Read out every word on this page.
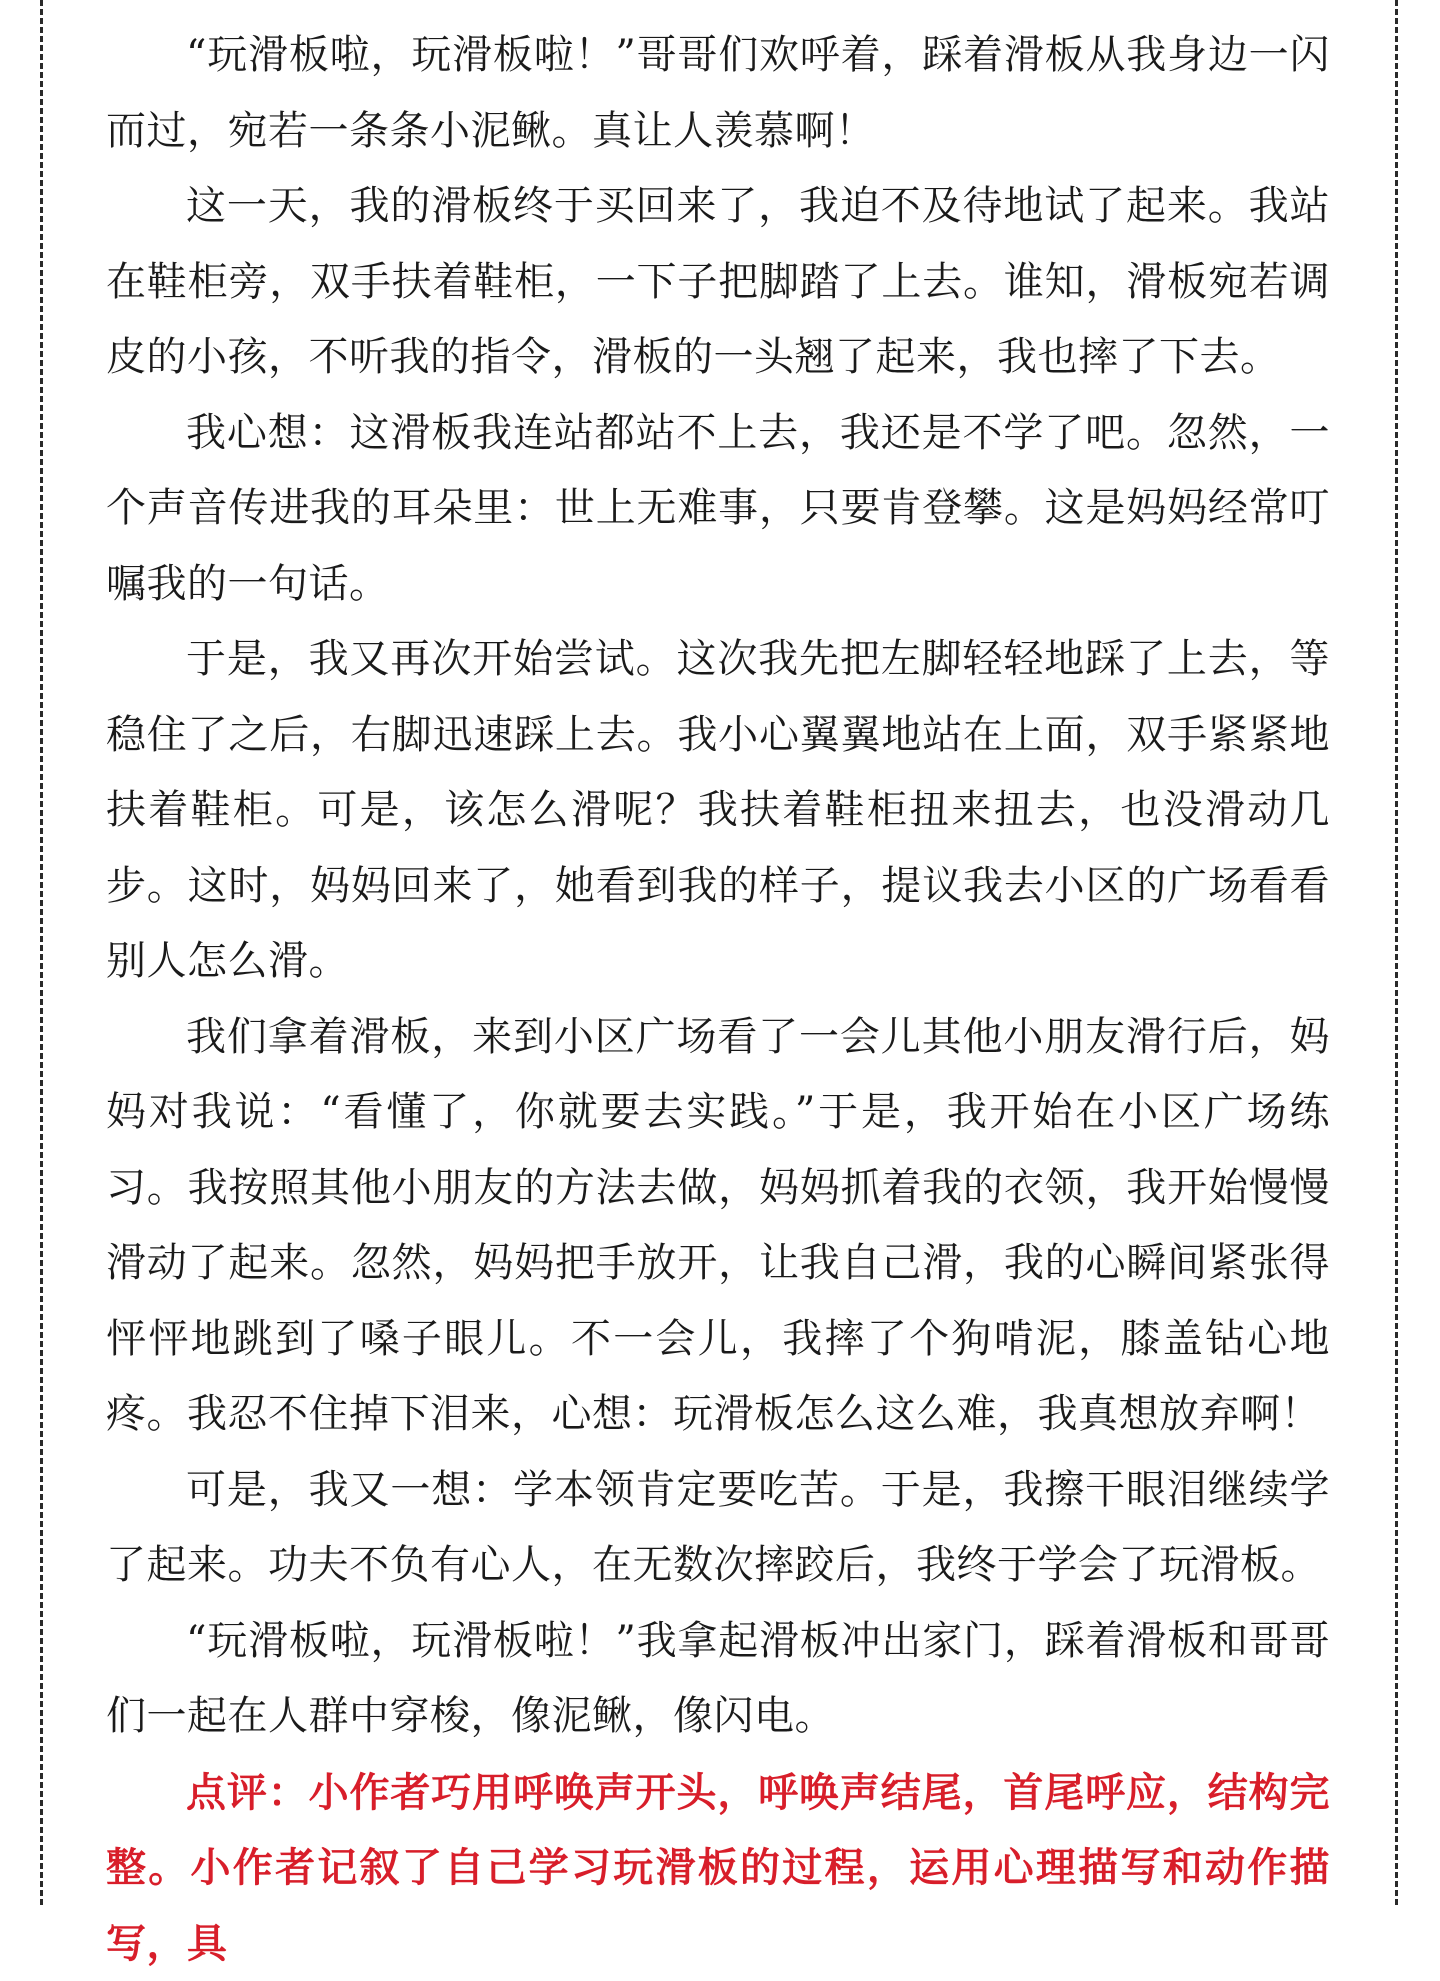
“玩滑板啦，玩滑板啦！”哥哥们欢呼着，踩着滑板从我身边一闪而过，宛若一条条小泥鳅。真让人羡慕啊！

这一天，我的滑板终于买回来了，我迫不及待地试了起来。我站在鞋柜旁，双手扶着鞋柜，一下子把脚踏了上去。谁知，滑板宛若调皮的小孩，不听我的指令，滑板的一头翘了起来，我也摔了下去。

我心想：这滑板我连站都站不上去，我还是不学了吧。忽然，一个声音传进我的耳朵里：世上无难事，只要肯登攀。这是妈妈经常叮嘱我的一句话。

于是，我又再次开始尝试。这次我先把左脚轻轻地踩了上去，等稳住了之后，右脚迅速踩上去。我小心翼翼地站在上面，双手紧紧地扶着鞋柜。可是，该怎么滑呢？我扶着鞋柜扭来扭去，也没滑动几步。这时，妈妈回来了，她看到我的样子，提议我去小区的广场看看别人怎么滑。

我们拿着滑板，来到小区广场看了一会儿其他小朋友滑行后，妈妈对我说：“看懂了，你就要去实践。”于是，我开始在小区广场练习。我按照其他小朋友的方法去做，妈妈抓着我的衣领，我开始慢慢滑动了起来。忽然，妈妈把手放开，让我自己滑，我的心瞬间紧张得怦怦地跳到了嗓子眼儿。不一会儿，我摔了个狗啃泥，膝盖钻心地疼。我忍不住掉下泪来，心想：玩滑板怎么这么难，我真想放弃啊！

可是，我又一想：学本领肯定要吃苦。于是，我擦干眼泪继续学了起来。功夫不负有心人，在无数次摔跤后，我终于学会了玩滑板。

“玩滑板啦，玩滑板啦！”我拿起滑板冲出家门，踩着滑板和哥哥们一起在人群中穿梭，像泥鳅，像闪电。

点评：小作者巧用呼唤声开头，呼唤声结尾，首尾呼应，结构完整。小作者记叙了自己学习玩滑板的过程，运用心理描写和动作描写，具
